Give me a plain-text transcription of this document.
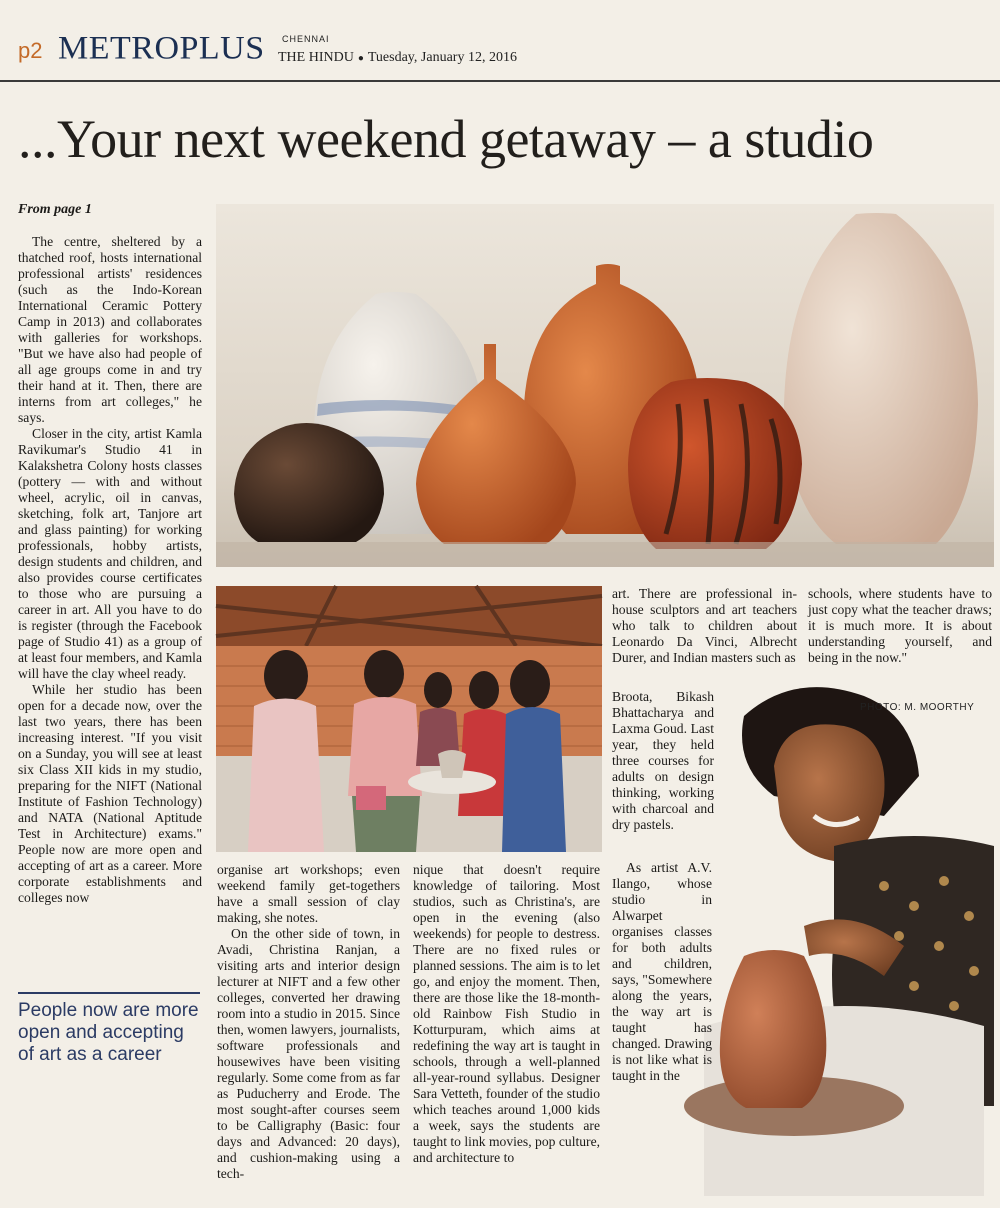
p2 METROPLUS CHENNAI
THE HINDU ● Tuesday, January 12, 2016
...Your next weekend getaway – a studio
From page 1

The centre, sheltered by a thatched roof, hosts international professional artists' residences (such as the Indo-Korean International Ceramic Pottery Camp in 2013) and collaborates with galleries for workshops. "But we have also had people of all age groups come in and try their hand at it. Then, there are interns from art colleges," he says.

Closer in the city, artist Kamla Ravikumar's Studio 41 in Kalakshetra Colony hosts classes (pottery — with and without wheel, acrylic, oil in canvas, sketching, folk art, Tanjore art and glass painting) for working professionals, hobby artists, design students and children, and also provides course certificates to those who are pursuing a career in art. All you have to do is register (through the Facebook page of Studio 41) as a group of at least four members, and Kamla will have the clay wheel ready.

While her studio has been open for a decade now, over the last two years, there has been increasing interest. "If you visit on a Sunday, you will see at least six Class XII kids in my studio, preparing for the NIFT (National Institute of Fashion Technology) and NATA (National Aptitude Test in Architecture) exams." People now are more open and accepting of art as a career. More corporate establishments and colleges now

People now are more open and accepting of art as a career

organise art workshops; even weekend family get-togethers have a small session of clay making, she notes.

On the other side of town, in Avadi, Christina Ranjan, a visiting arts and interior design lecturer at NIFT and a few other colleges, converted her drawing room into a studio in 2015. Since then, women lawyers, journalists, software professionals and housewives have been visiting regularly. Some come from as far as Puducherry and Erode. The most sought-after courses seem to be Calligraphy (Basic: four days and Advanced: 20 days), and cushion-making using a tech-

nique that doesn't require knowledge of tailoring. Most studios, such as Christina's, are open in the evening (also weekends) for people to destress. There are no fixed rules or planned sessions. The aim is to let go, and enjoy the moment. Then, there are those like the 18-month-old Rainbow Fish Studio in Kotturpuram, which aims at redefining the way art is taught in schools, through a well-planned all-year-round syllabus. Designer Sara Vetteth, founder of the studio which teaches around 1,000 kids a week, says the students are taught to link movies, pop culture, and architecture to

art. There are professional in-house sculptors and art teachers who talk to children about Leonardo Da Vinci, Albrecht Durer, and Indian masters such as

Broota, Bikash Bhattacharya and Laxma Goud. Last year, they held three courses for adults on design thinking, working with charcoal and dry pastels.

As artist A.V. Ilango, whose studio in Alwarpet organises classes for both adults and children, says, "Somewhere along the years, the way art is taught has changed. Drawing is not like what is taught in the

schools, where students have to just copy what the teacher draws; it is much more. It is about understanding yourself, and being in the now."

PHOTO: M. MOORTHY
